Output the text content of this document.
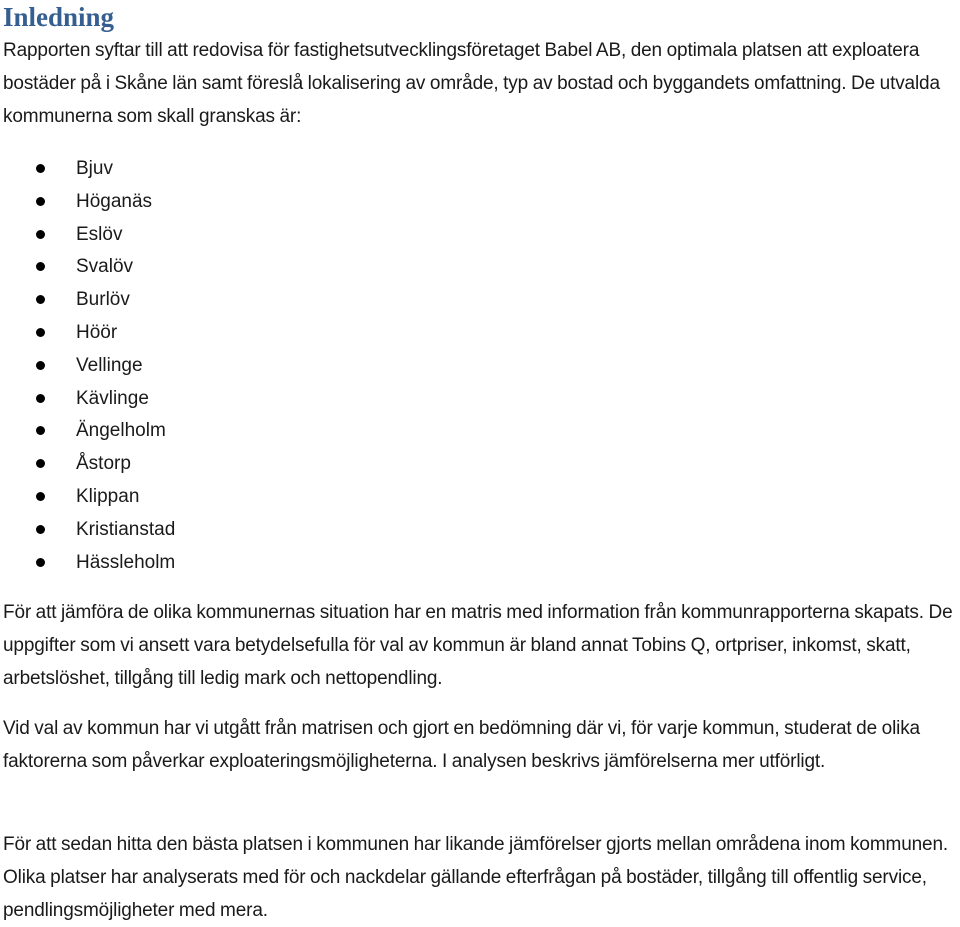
Inledning

Rapporten syftar till att redovisa för fastighetsutvecklingsföretaget Babel AB, den optimala platsen att exploatera bostäder på i Skåne län samt föreslå lokalisering av område, typ av bostad och byggandets omfattning. De utvalda kommunerna som skall granskas är:

Bjuv
Höganäs
Eslöv
Svalöv
Burlöv
Höör
Vellinge
Kävlinge
Ängelholm
Åstorp
Klippan
Kristianstad
Hässleholm

För att jämföra de olika kommunernas situation har en matris med information från kommunrapporterna skapats. De uppgifter som vi ansett vara betydelsefulla för val av kommun är bland annat Tobins Q, ortpriser, inkomst, skatt, arbetslöshet, tillgång till ledig mark och nettopendling.

Vid val av kommun har vi utgått från matrisen och gjort en bedömning där vi, för varje kommun, studerat de olika faktorerna som påverkar exploateringsmöjligheterna. I analysen beskrivs jämförelserna mer utförligt.

För att sedan hitta den bästa platsen i kommunen har likande jämförelser gjorts mellan områdena inom kommunen. Olika platser har analyserats med för och nackdelar gällande efterfrågan på bostäder, tillgång till offentlig service, pendlingsmöjligheter med mera.
